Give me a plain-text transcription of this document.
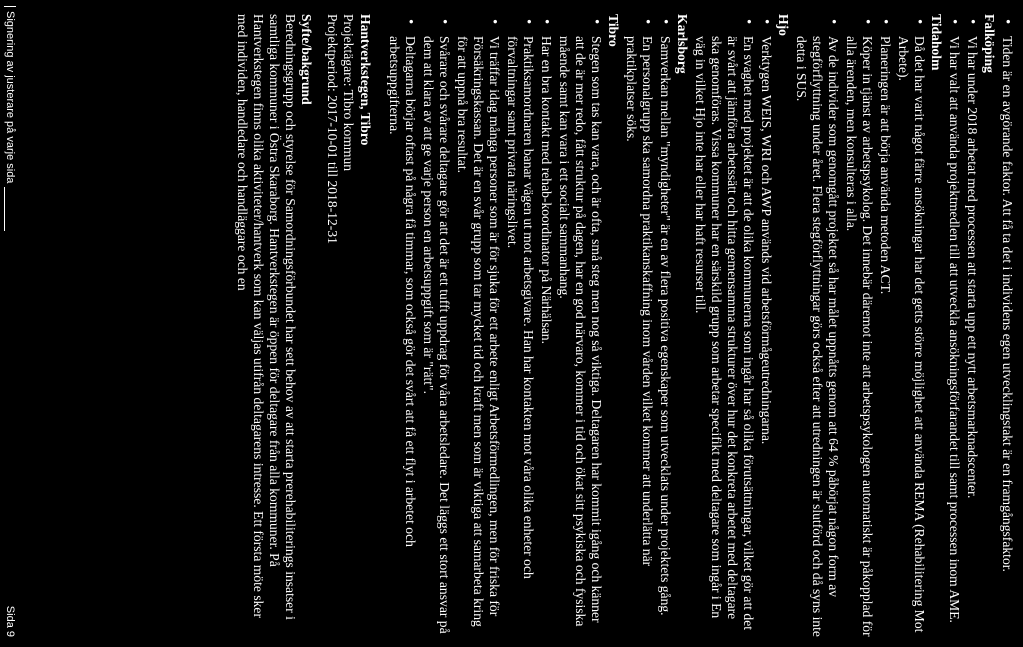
• Tiden är en avgörande faktor. Att få ta det i individens egen utvecklingstakt är en framgångsfaktor.
Falköping
• Vi har under 2018 arbetat med processen att starta upp ett nytt arbetsmarknadscenter.
• Vi har valt att använda projektmedlen till att utveckla ansökningsförfarandet till samt processen inom AME.
Tidaholm
• Då det har varit något färre ansökningar har det getts större möjlighet att använda REMA (Rehabilitering Mot Arbete).
• Planeringen är att börja använda metoden ACT.
• Köper in tjänst av arbetspsykolog. Det innebär däremot inte att arbetspsykologen automatiskt är påkopplad för alla ärenden, men konsulteras i alla.
• Av de individer som genomgått projektet så har målet uppnåtts genom att 64 % påbörjat någon form av stegförflyttning under året. Flera stegförflyttningar görs också efter att utredningen är slutförd och då syns inte detta i SUS.
Hjo
• Verktygen WEIS, WRI och AWP används vid arbetsförmågeutredningarna.
• En svaghet med projektet är att de olika kommunerna som ingår har så olika förutsättningar, vilket gör att det är svårt att jämföra arbetssätt och hitta gemensamma strukturer över hur det konkreta arbetet med deltagare ska genomföras. Vissa kommuner har en särskild grupp som arbetar specifikt med deltagare som ingår i En väg in vilket Hjo inte har eller har haft resurser till.
Karlsborg
• Samverkan mellan "myndigheter" är en av flera positiva egenskaper som utvecklats under projektets gång.
• En personalgrupp ska samordna praktikanskaffning inom vården vilket kommer att underlätta när praktikplatser söks.
Tibro
• Stegen som tas kan vara, och är ofta, små steg men nog så viktiga. Deltagaren har kommit igång och känner att de är mer redo, fått struktur på dagen, har en god närvaro, kommer i tid och ökat sitt psykiska och fysiska mående samt kan vara i ett socialt sammanhang.
• Har en bra kontakt med rehab-koordinator på Närhälsan.
• Praktiksamordnaren banar vägen ut mot arbetsgivare. Han har kontakten mot våra olika enheter och förvaltningar samt privata näringslivet.
• Vi träffar idag många personer som är för sjuka för ett arbete enligt Arbetsförmedlingen, men för friska för Försäkringskassan. Det är en svår grupp som tar mycket tid och kraft men som är viktiga att samarbeta kring för att uppnå bra resultat.
• Svårare och svårare deltagare gör att det är ett tufft uppdrag för våra arbetsledare. Det läggs ett stort ansvar på dem att klara av att ge varje person en arbetsuppgift som är "rätt".
• Deltagarna börjar oftast på några få timmar, som också gör det svårt att få ett flyt i arbetet och arbetsuppgifterna.
Hantverkstegen, Tibro
Projektägare: Tibro kommun
Projektperiod: 2017-10-01 till 2018-12-31
Syfte/bakgrund
Beredningsgrupp och styrelse för Samordningsförbundet har sett behov av att starta prerehabiliterings insatser i samtliga kommuner i Östra Skaraborg. Hantverkstegen är öppen för deltagare från alla kommuner. På Hantverkstegen finns olika aktiviteter/hantverk som kan väljas utifrån deltagarens intresse. Ett första möte sker med individen, handledare och handläggare och en
Signering av justerare på varje sida
Sida 9
